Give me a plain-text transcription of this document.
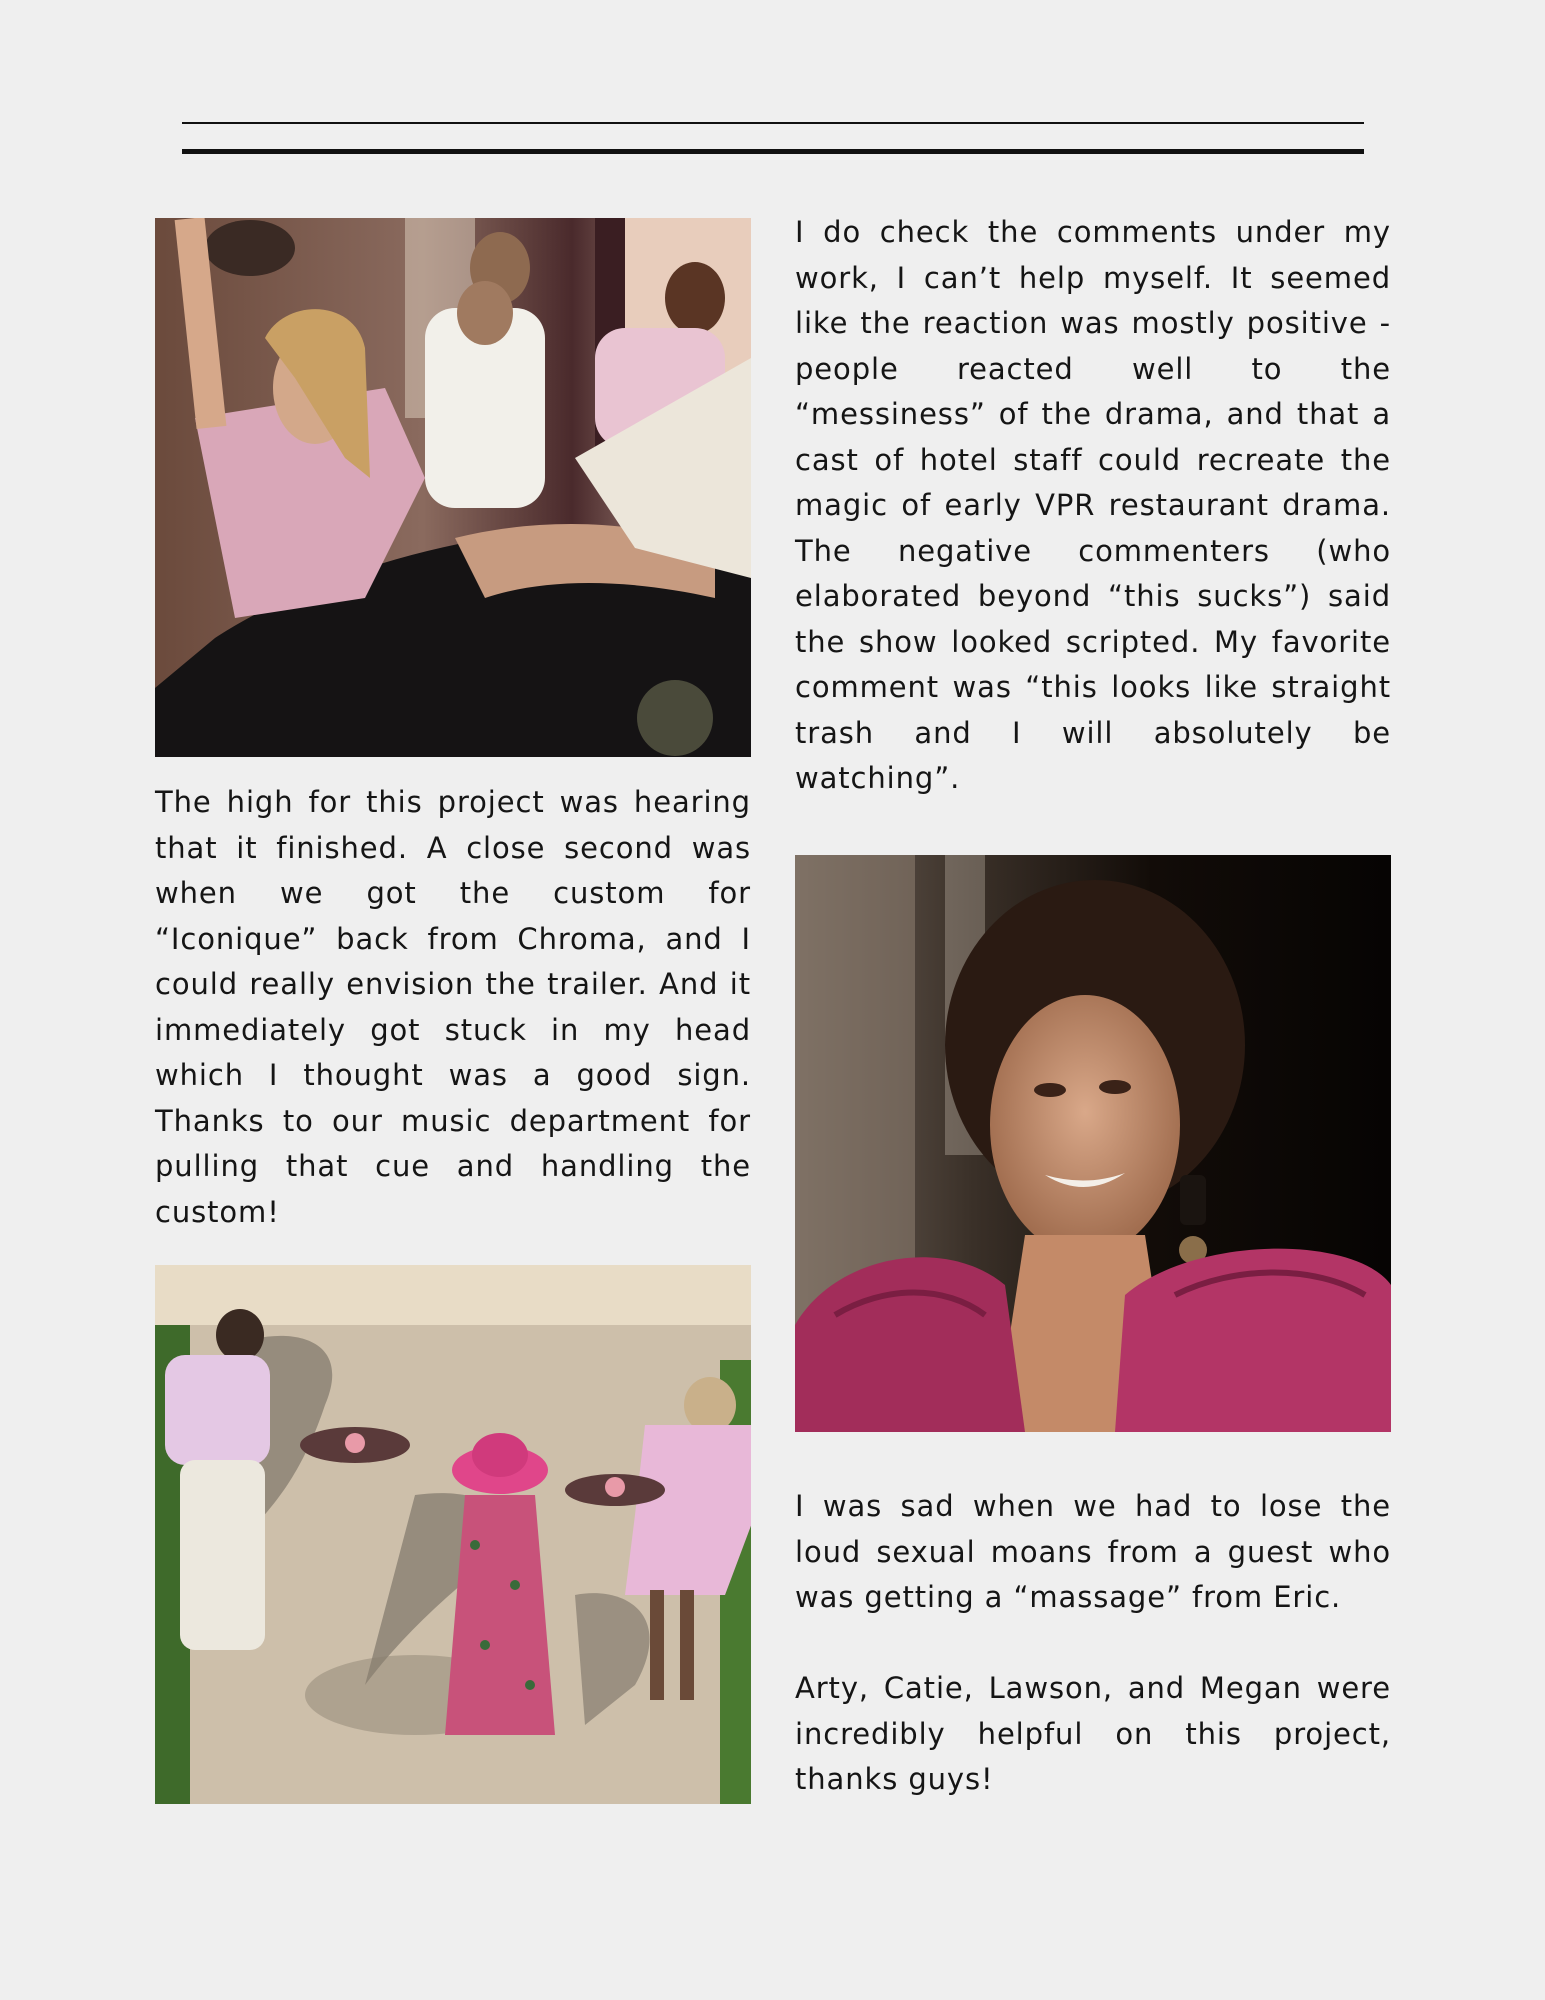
I do check the comments under my work, I can’t help myself. It seemed like the reaction was mostly positive - people reacted well to the “messiness” of the drama, and that a cast of hotel staff could recreate the magic of early VPR restaurant drama. The negative commenters (who elaborated beyond “this sucks”) said the show looked scripted. My favorite comment was “this looks like straight trash and I will absolutely be watching”.

The high for this project was hearing that it finished. A close second was when we got the custom for “Iconique” back from Chroma, and I could really envision the trailer. And it immediately got stuck in my head which I thought was a good sign. Thanks to our music department for pulling that cue and handling the custom!

I was sad when we had to lose the loud sexual moans from a guest who was getting a “massage” from Eric.

Arty, Catie, Lawson, and Megan were incredibly helpful on this project, thanks guys!
